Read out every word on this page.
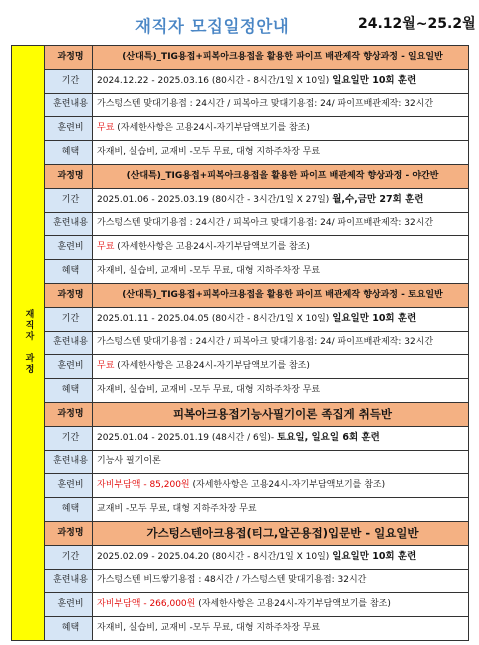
재직자 모집일정안내	24.12월~25.2월
재
직
자

과
정	과정명	(산대특)_TIG용접+피복아크용접을 활용한 파이프 배관제작 향상과정 - 일요일반
	기간	2024.12.22 - 2025.03.16 (80시간 - 8시간/1일 X 10일) 일요일만 10회 훈련
	훈련내용	가스텅스텐 맞대기용접 : 24시간 / 피복아크 맞대기용접: 24/ 파이프배관제작: 32시간
	훈련비	무료 (자세한사항은 고용24시-자기부담액보기를 참조)
	혜택	자재비, 실습비, 교재비 -모두 무료, 대형 지하주차장 무료
	과정명	(산대특)_TIG용접+피복아크용접을 활용한 파이프 배관제작 향상과정 - 야간반
	기간	2025.01.06 - 2025.03.19 (80시간 - 3시간/1일 X 27일) 월,수,금만 27회 훈련
	훈련내용	가스텅스텐 맞대기용접 : 24시간 / 피복아크 맞대기용접: 24/ 파이프배관제작: 32시간
	훈련비	무료 (자세한사항은 고용24시-자기부담액보기를 참조)
	혜택	자재비, 실습비, 교재비 -모두 무료, 대형 지하주차장 무료
	과정명	(산대특)_TIG용접+피복아크용접을 활용한 파이프 배관제작 향상과정 - 토요일반
	기간	2025.01.11 - 2025.04.05 (80시간 - 8시간/1일 X 10일) 일요일만 10회 훈련
	훈련내용	가스텅스텐 맞대기용접 : 24시간 / 피복아크 맞대기용접: 24/ 파이프배관제작: 32시간
	훈련비	무료 (자세한사항은 고용24시-자기부담액보기를 참조)
	혜택	자재비, 실습비, 교재비 -모두 무료, 대형 지하주차장 무료
	과정명	피복아크용접기능사필기이론 족집게 취득반
	기간	2025.01.04 - 2025.01.19 (48시간 / 6일)- 토요일, 일요일 6회 훈련
	훈련내용	기능사 필기이론
	훈련비	자비부담액 - 85,200원 (자세한사항은 고용24시-자기부담액보기를 참조)
	혜택	교재비 -모두 무료, 대형 지하주차장 무료
	과정명	가스텅스텐아크용접(티그,알곤용접)입문반 - 일요일반
	기간	2025.02.09 - 2025.04.20 (80시간 - 8시간/1일 X 10일) 일요일만 10회 훈련
	훈련내용	가스텅스텐 비드쌓기용접 : 48시간 / 가스텅스텐 맞대기용접: 32시간
	훈련비	자비부담액 - 266,000원 (자세한사항은 고용24시-자기부담액보기를 참조)
	혜택	자재비, 실습비, 교재비 -모두 무료, 대형 지하주차장 무료
